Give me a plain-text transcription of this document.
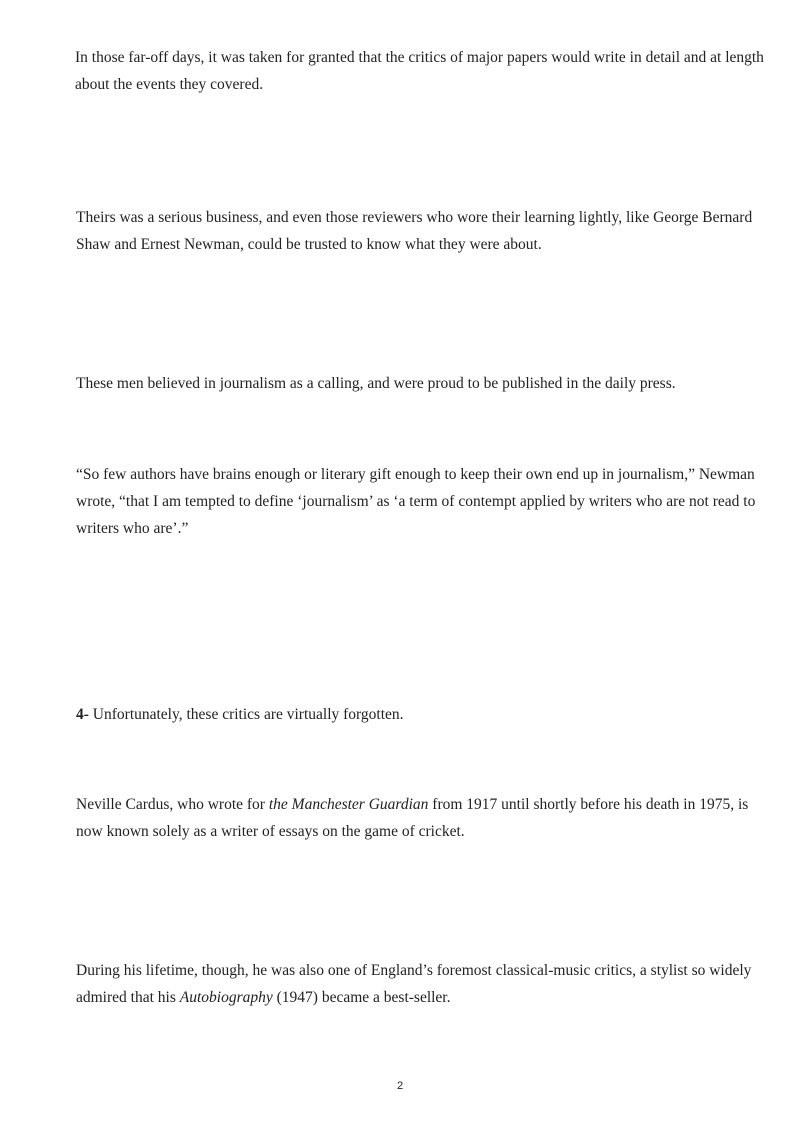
In those far-off days, it was taken for granted that the critics of major papers would write in detail and at length about the events they covered.

Theirs was a serious business, and even those reviewers who wore their learning lightly, like George Bernard Shaw and Ernest Newman, could be trusted to know what they were about.

These men believed in journalism as a calling, and were proud to be published in the daily press.

“So few authors have brains enough or literary gift enough to keep their own end up in journalism,” Newman wrote, “that I am tempted to define ‘journalism’ as ‘a term of contempt applied by writers who are not read to writers who are’.”

4- Unfortunately, these critics are virtually forgotten.

Neville Cardus, who wrote for the Manchester Guardian from 1917 until shortly before his death in 1975, is now known solely as a writer of essays on the game of cricket.

During his lifetime, though, he was also one of England’s foremost classical-music critics, a stylist so widely admired that his Autobiography (1947) became a best-seller.

2
